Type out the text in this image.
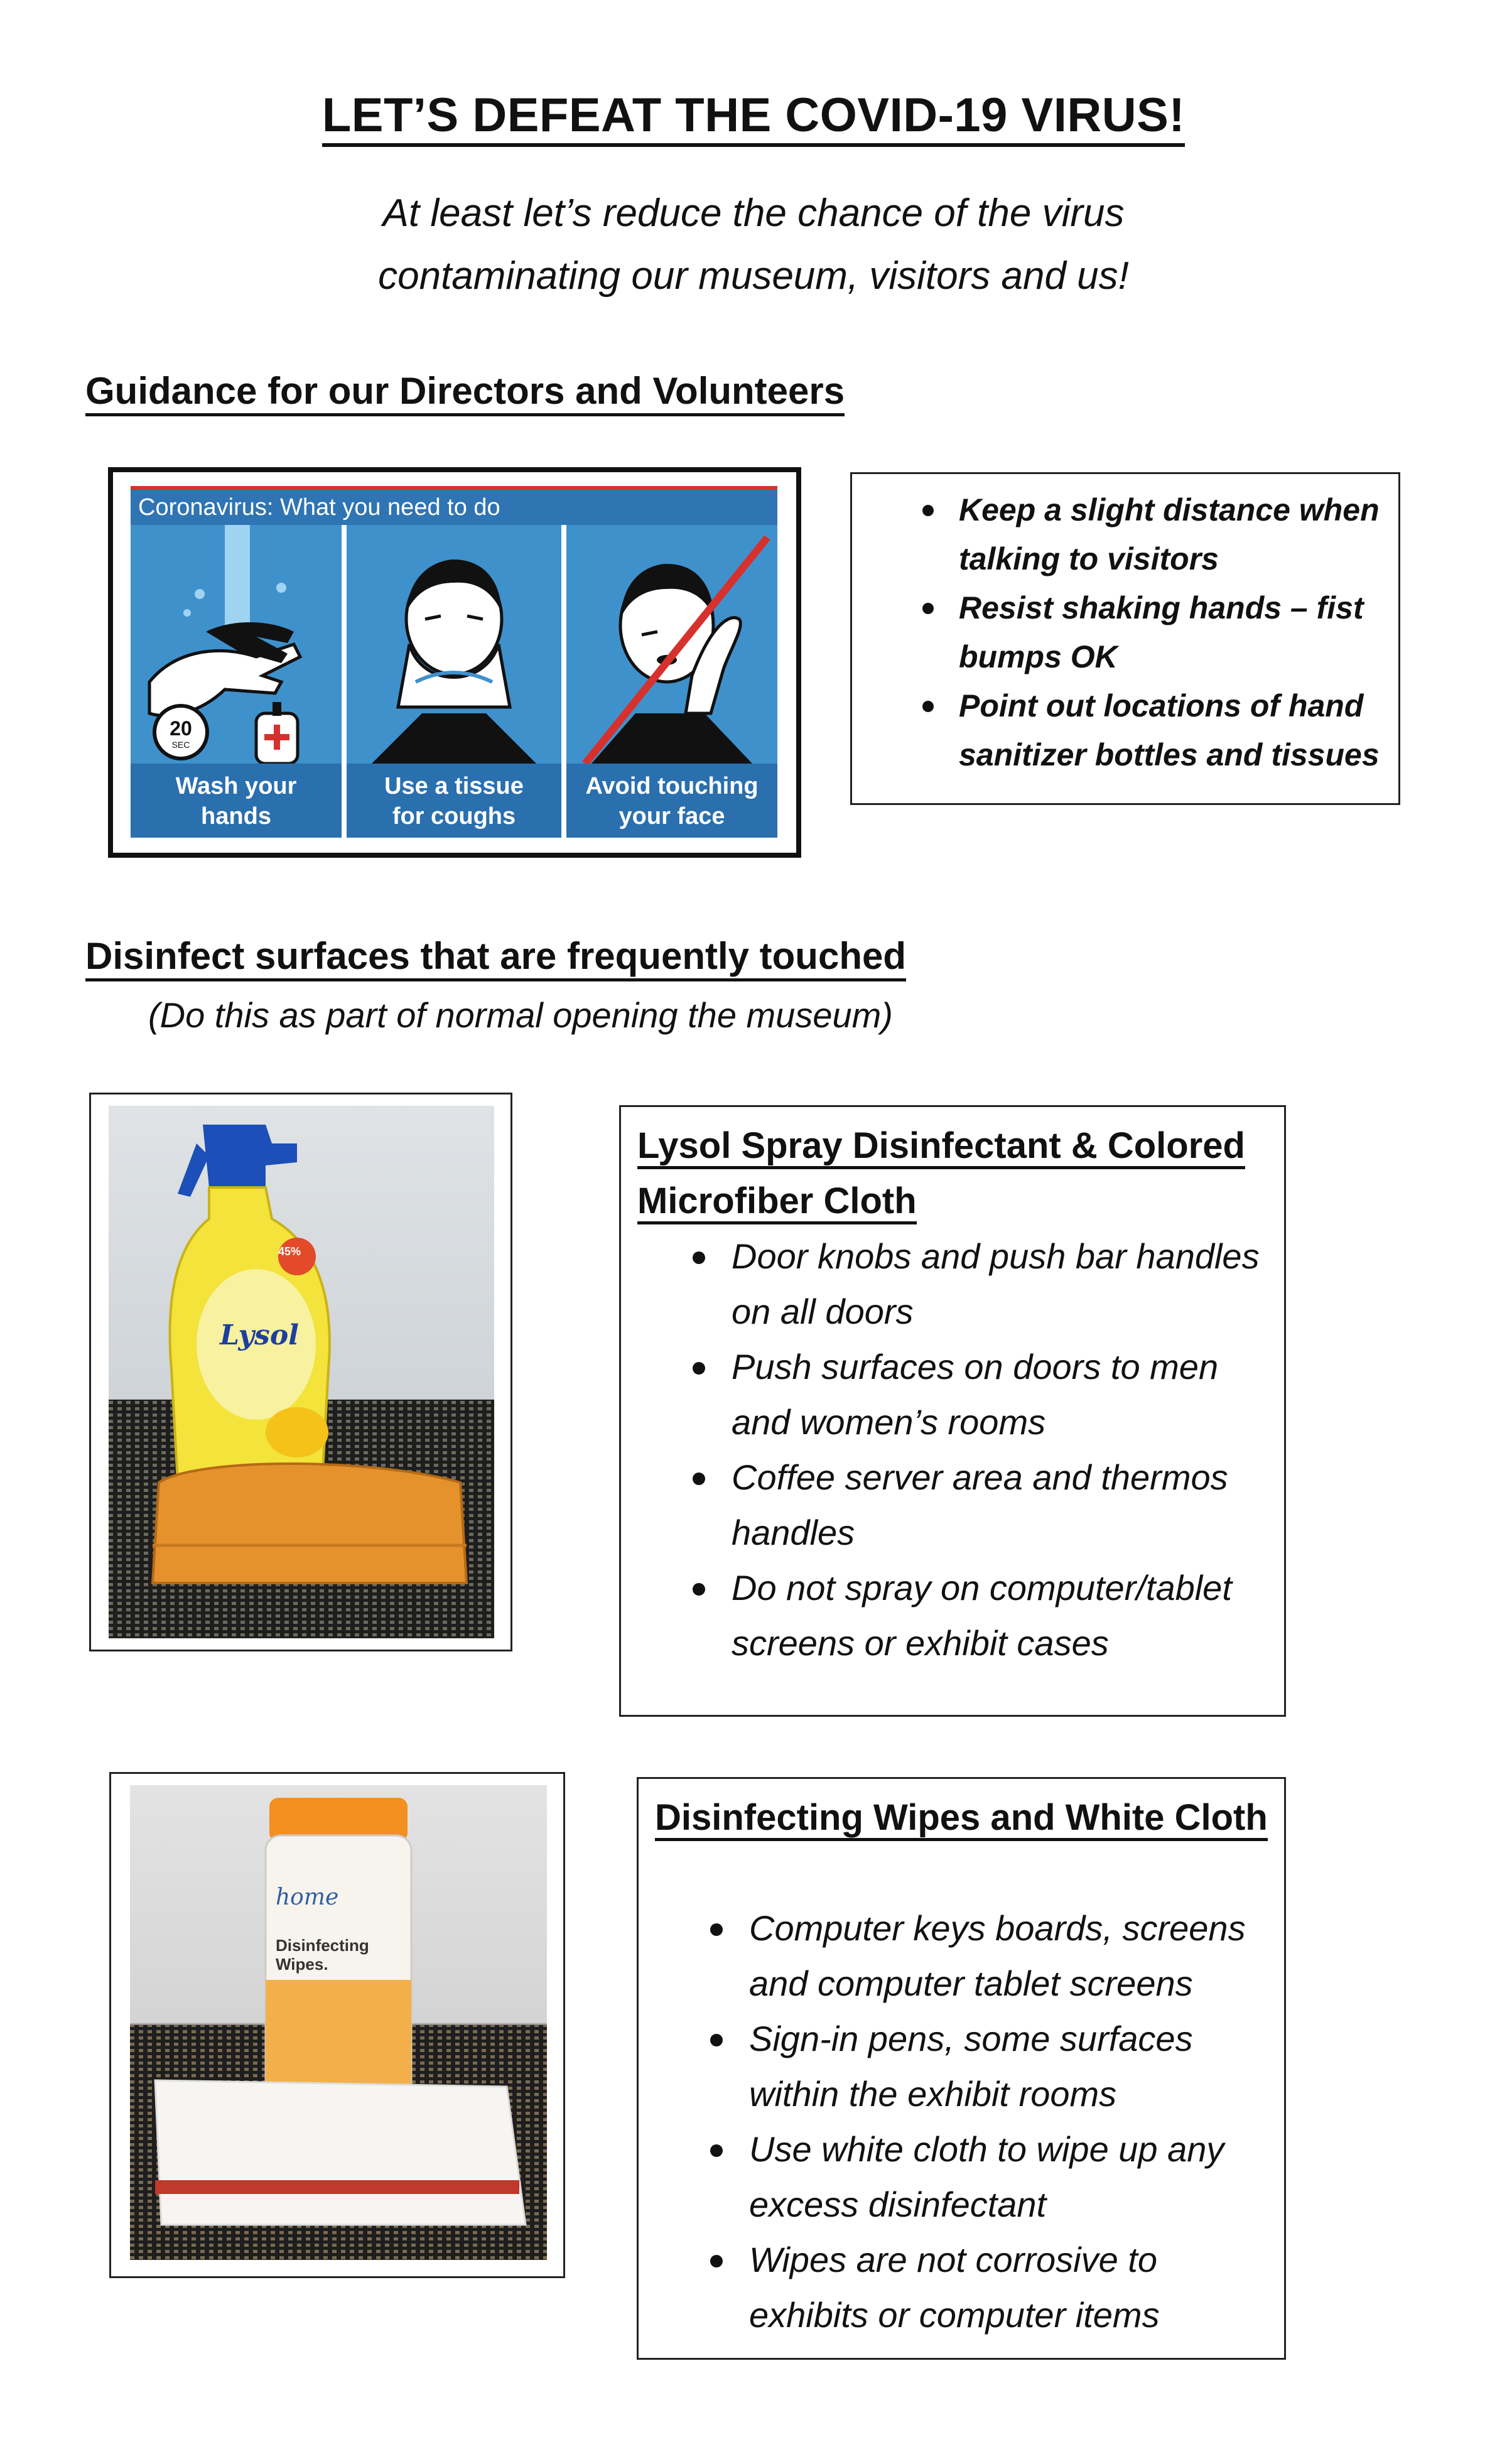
LET’S DEFEAT THE COVID-19 VIRUS!
At least let’s reduce the chance of the virus
contaminating our museum, visitors and us!
Guidance for our Directors and Volunteers
Coronavirus: What you need to do
20
SEC
Wash your
hands
Use a tissue
for coughs
Avoid touching
your face
Keep a slight distance when talking to visitors
Resist shaking hands – fist bumps OK
Point out locations of hand sanitizer bottles and tissues
Disinfect surfaces that are frequently touched
(Do this as part of normal opening the museum)
45%
Lysol
Lysol Spray Disinfectant & Colored
Microfiber Cloth
Door knobs and push bar handles on all doors
Push surfaces on doors to men and women’s rooms
Coffee server area and thermos handles
Do not spray on computer/tablet screens or exhibit cases
home
Disinfecting Wipes.
Disinfecting Wipes and White Cloth
Computer keys boards, screens and computer tablet screens
Sign-in pens, some surfaces within the exhibit rooms
Use white cloth to wipe up any excess disinfectant
Wipes are not corrosive to exhibits or computer items
